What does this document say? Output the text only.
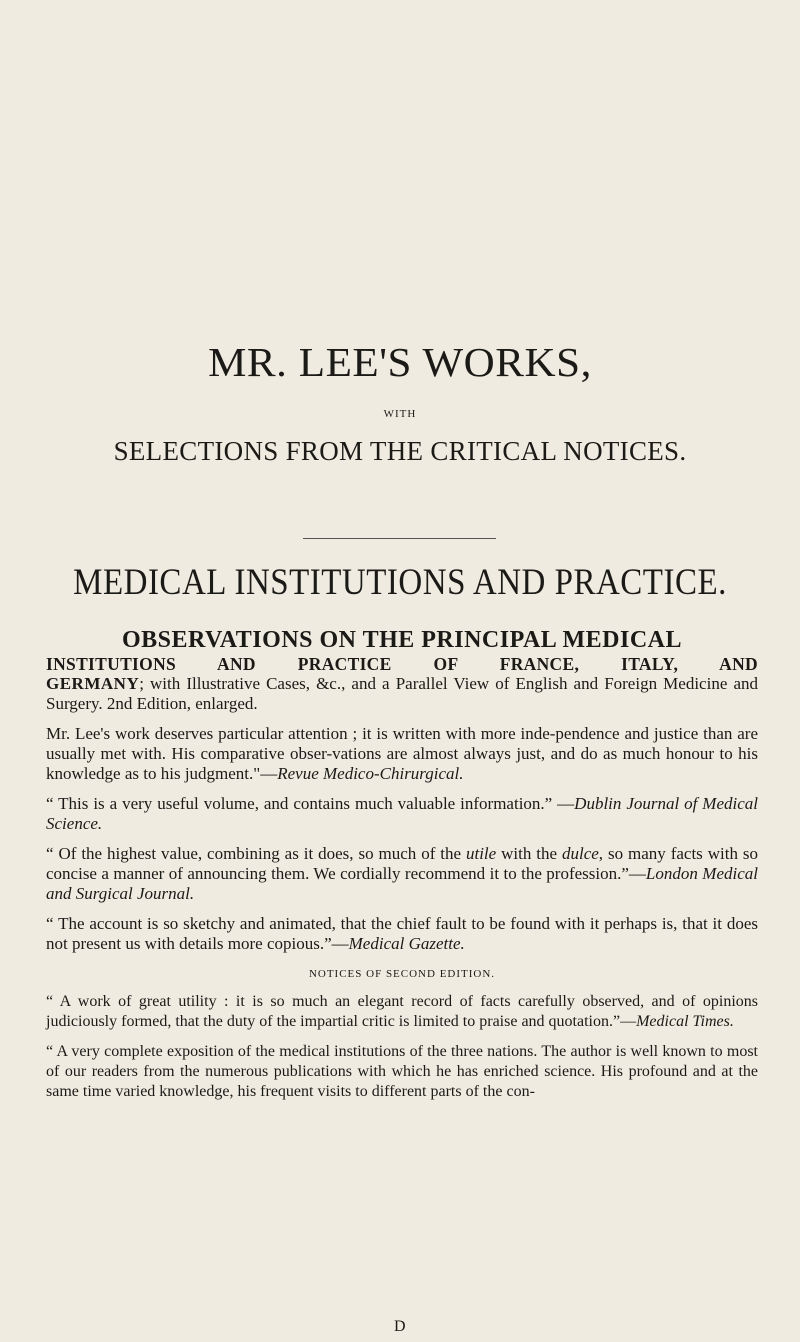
MR. LEE'S WORKS,
WITH
SELECTIONS FROM THE CRITICAL NOTICES.
MEDICAL INSTITUTIONS AND PRACTICE.

OBSERVATIONS ON THE PRINCIPAL MEDICAL

INSTITUTIONS AND PRACTICE OF FRANCE, ITALY, AND

GERMANY; with Illustrative Cases, &c., and a Parallel View of English and Foreign Medicine and Surgery. 2nd Edition, enlarged.

Mr. Lee's work deserves particular attention ; it is written with more inde-pendence and justice than are usually met with. His comparative obser-vations are almost always just, and do as much honour to his knowledge as to his judgment."—Revue Medico-Chirurgical.

“ This is a very useful volume, and contains much valuable information.” —Dublin Journal of Medical Science.

“ Of the highest value, combining as it does, so much of the utile with the dulce, so many facts with so concise a manner of announcing them. We cordially recommend it to the profession.”—London Medical and Surgical Journal.

“ The account is so sketchy and animated, that the chief fault to be found with it perhaps is, that it does not present us with details more copious.”—Medical Gazette.

NOTICES OF SECOND EDITION.

“ A work of great utility : it is so much an elegant record of facts carefully observed, and of opinions judiciously formed, that the duty of the impartial critic is limited to praise and quotation.”—Medical Times.

“ A very complete exposition of the medical institutions of the three nations. The author is well known to most of our readers from the numerous publications with which he has enriched science. His profound and at the same time varied knowledge, his frequent visits to different parts of the con-

D
